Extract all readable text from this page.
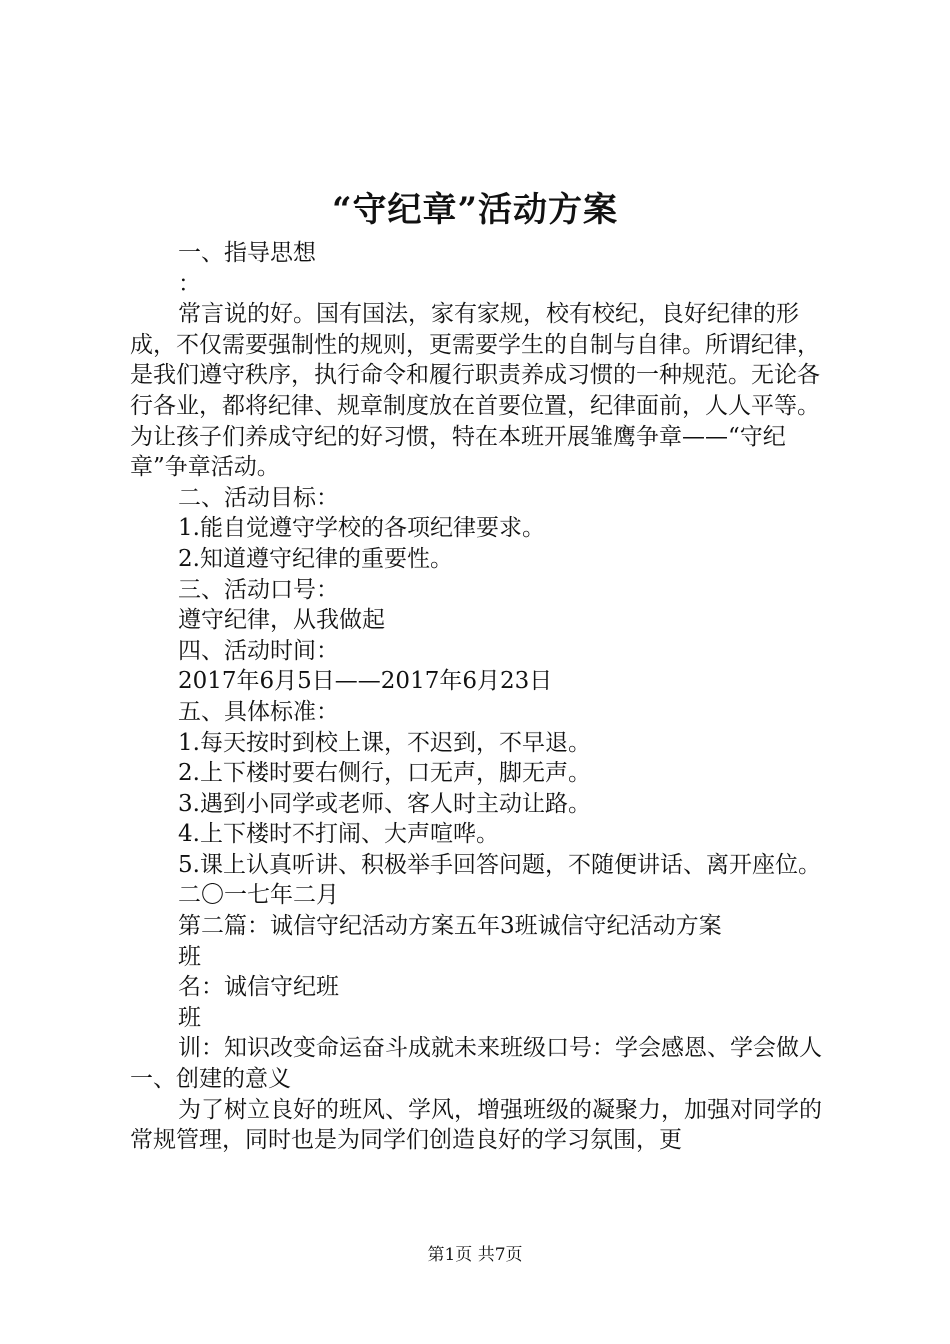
“守纪章”活动方案

一、指导思想

：

常言说的好。国有国法，家有家规，校有校纪，良好纪律的形成，不仅需要强制性的规则，更需要学生的自制与自律。所谓纪律，是我们遵守秩序，执行命令和履行职责养成习惯的一种规范。无论各行各业，都将纪律、规章制度放在首要位置，纪律面前，人人平等。为让孩子们养成守纪的好习惯，特在本班开展雏鹰争章——“守纪章”争章活动。

二、活动目标：

1.能自觉遵守学校的各项纪律要求。

2.知道遵守纪律的重要性。

三、活动口号：

遵守纪律，从我做起

四、活动时间：

2017年6月5日——2017年6月23日

五、具体标准：

1.每天按时到校上课，不迟到，不早退。

2.上下楼时要右侧行，口无声，脚无声。

3.遇到小同学或老师、客人时主动让路。

4.上下楼时不打闹、大声喧哗。

5.课上认真听讲、积极举手回答问题，不随便讲话、离开座位。

二〇一七年二月

第二篇：诚信守纪活动方案五年3班诚信守纪活动方案

班

名：诚信守纪班

班

训：知识改变命运奋斗成就未来班级口号：学会感恩、学会做人一、创建的意义

为了树立良好的班风、学风，增强班级的凝聚力，加强对同学的常规管理，同时也是为同学们创造良好的学习氛围，更

第1页 共7页
